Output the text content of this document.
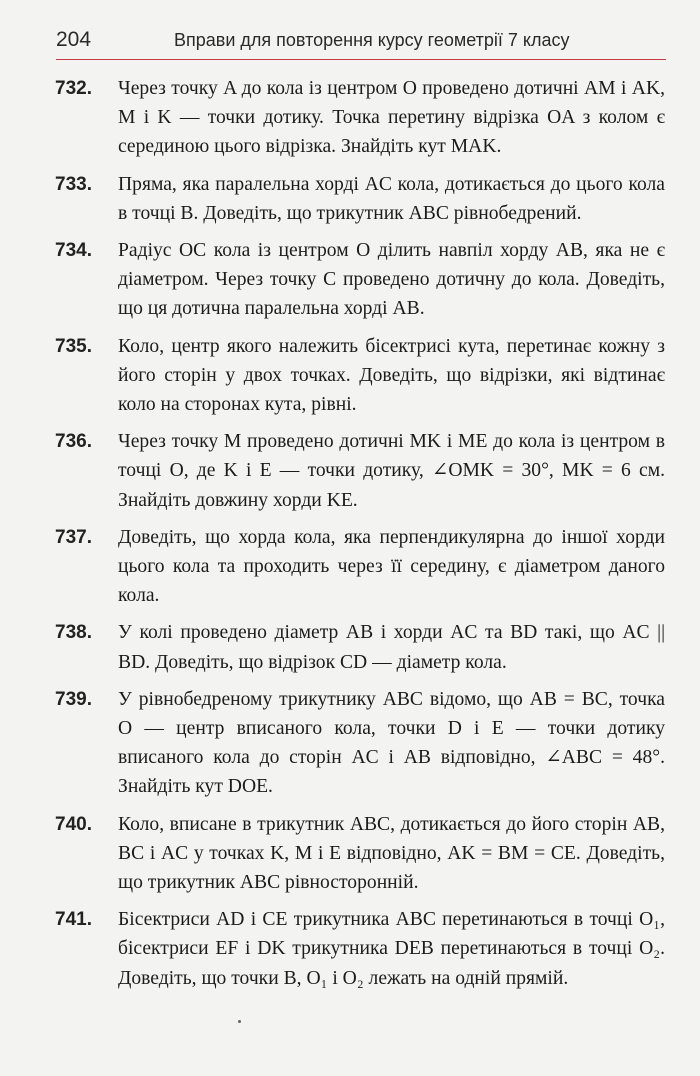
204	Вправи для повторення курсу геометрії 7 класу
732. Через точку A до кола із центром O проведено дотичні AM і AK, M і K — точки дотику. Точка перетину відрізка OA з колом є серединою цього відрізка. Знайдіть кут MAK.
733. Пряма, яка паралельна хорді AC кола, дотикається до цього кола в точці B. Доведіть, що трикутник ABC рівнобедрений.
734. Радіус OC кола із центром O ділить навпіл хорду AB, яка не є діаметром. Через точку C проведено дотичну до кола. Доведіть, що ця дотична паралельна хорді AB.
735. Коло, центр якого належить бісектрисі кута, перетинає кожну з його сторін у двох точках. Доведіть, що відрізки, які відтинає коло на сторонах кута, рівні.
736. Через точку M проведено дотичні MK і ME до кола із центром в точці O, де K і E — точки дотику, ∠OMK = 30°, MK = 6 см. Знайдіть довжину хорди KE.
737. Доведіть, що хорда кола, яка перпендикулярна до іншої хорди цього кола та проходить через її середину, є діаметром даного кола.
738. У колі проведено діаметр AB і хорди AC та BD такі, що AC || BD. Доведіть, що відрізок CD — діаметр кола.
739. У рівнобедреному трикутнику ABC відомо, що AB = BC, точка O — центр вписаного кола, точки D і E — точки дотику вписаного кола до сторін AC і AB відповідно, ∠ABC = 48°. Знайдіть кут DOE.
740. Коло, вписане в трикутник ABC, дотикається до його сторін AB, BC і AC у точках K, M і E відповідно, AK = BM = CE. Доведіть, що трикутник ABC рівносторонній.
741. Бісектриси AD і CE трикутника ABC перетинаються в точці O₁, бісектриси EF і DK трикутника DEB перетинаються в точці O₂. Доведіть, що точки B, O₁ і O₂ лежать на одній прямій.
